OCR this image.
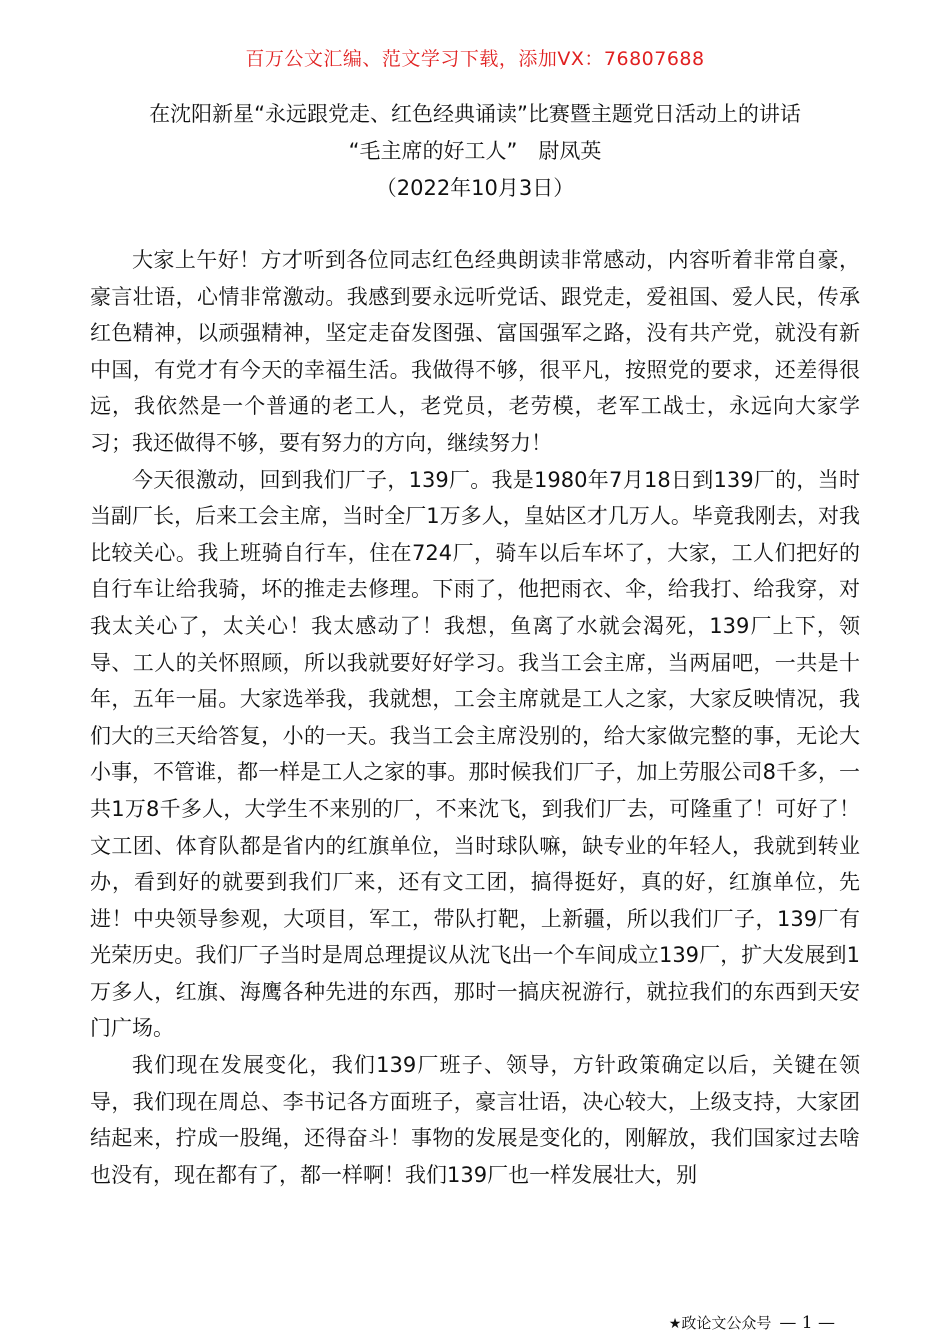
百万公文汇编、范文学习下载，添加VX：76807688
在沈阳新星“永远跟党走、红色经典诵读”比赛暨主题党日活动上的讲话
“毛主席的好工人”　尉凤英
（2022年10月3日）

大家上午好！方才听到各位同志红色经典朗读非常感动，内容听着非常自豪，豪言壮语，心情非常激动。我感到要永远听党话、跟党走，爱祖国、爱人民，传承红色精神，以顽强精神，坚定走奋发图强、富国强军之路，没有共产党，就没有新中国，有党才有今天的幸福生活。我做得不够，很平凡，按照党的要求，还差得很远，我依然是一个普通的老工人，老党员，老劳模，老军工战士，永远向大家学习；我还做得不够，要有努力的方向，继续努力！

今天很激动，回到我们厂子，139厂。我是1980年7月18日到139厂的，当时当副厂长，后来工会主席，当时全厂1万多人，皇姑区才几万人。毕竟我刚去，对我比较关心。我上班骑自行车，住在724厂，骑车以后车坏了，大家，工人们把好的自行车让给我骑，坏的推走去修理。下雨了，他把雨衣、伞，给我打、给我穿，对我太关心了，太关心！我太感动了！我想，鱼离了水就会渴死，139厂上下，领导、工人的关怀照顾，所以我就要好好学习。我当工会主席，当两届吧，一共是十年，五年一届。大家选举我，我就想，工会主席就是工人之家，大家反映情况，我们大的三天给答复，小的一天。我当工会主席没别的，给大家做完整的事，无论大小事，不管谁，都一样是工人之家的事。那时候我们厂子，加上劳服公司8千多，一共1万8千多人，大学生不来别的厂，不来沈飞，到我们厂去，可隆重了！可好了！文工团、体育队都是省内的红旗单位，当时球队嘛，缺专业的年轻人，我就到转业办，看到好的就要到我们厂来，还有文工团，搞得挺好，真的好，红旗单位，先进！中央领导参观，大项目，军工，带队打靶，上新疆，所以我们厂子，139厂有光荣历史。我们厂子当时是周总理提议从沈飞出一个车间成立139厂，扩大发展到1万多人，红旗、海鹰各种先进的东西，那时一搞庆祝游行，就拉我们的东西到天安门广场。

我们现在发展变化，我们139厂班子、领导，方针政策确定以后，关键在领导，我们现在周总、李书记各方面班子，豪言壮语，决心较大，上级支持，大家团结起来，拧成一股绳，还得奋斗！事物的发展是变化的，刚解放，我们国家过去啥也没有，现在都有了，都一样啊！我们139厂也一样发展壮大，别

★政论文公众号 — 1 —
